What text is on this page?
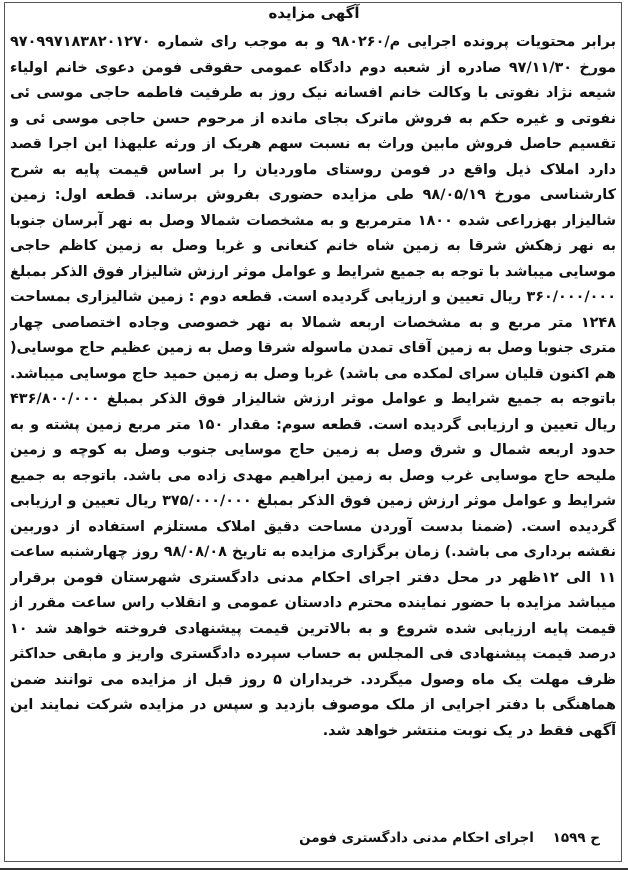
آگهی مزایده
برابر محتویات پرونده اجرایی م/۹۸۰۲۶۰ و به موجب رای شماره ۹۷۰۹۹۷۱۸۳۸۲۰۱۲۷۰ مورخ ۹۷/۱۱/۳۰ صادره از شعبه دوم دادگاه عمومی حقوقی فومن دعوی خانم اولیاء شیعه نژاد نفوتی با وکالت خانم افسانه نیک روز به طرفیت فاطمه حاجی موسی ئی نفوتی و غیره حکم به فروش ماترک بجای مانده از مرحوم حسن حاجی موسی ئی و تقسیم حاصل فروش مابین وراث به نسبت سهم هریک از ورثه علیهذا این اجرا قصد دارد املاک ذیل واقع در فومن روستای ماوردیان را بر اساس قیمت پایه به شرح کارشناسی مورخ ۹۸/۰۵/۱۹ طی مزایده حضوری بفروش برساند. قطعه اول: زمین شالیزار بهزراعی شده ۱۸۰۰ مترمربع و به مشخصات شمالا وصل به نهر آبرسان جنوبا به نهر زهکش شرقا به زمین شاه خانم کنعانی و غربا وصل به زمین کاظم حاجی موسایی میباشد با توجه به جمیع شرایط و عوامل موثر ارزش شالیزار فوق الذکر بمبلغ ۳۶۰/۰۰۰/۰۰۰ ریال تعیین و ارزیابی گردیده است. قطعه دوم : زمین شالیزاری بمساحت ۱۲۴۸ متر مربع و به مشخصات اربعه شمالا به نهر خصوصی وجاده اختصاصی چهار متری جنوبا وصل به زمین آقای تمدن ماسوله شرقا وصل به زمین عظیم حاج موسایی( هم اکنون قلیان سرای لمکده می باشد) غربا وصل به زمین حمید حاج موسایی میباشد. باتوجه به جمیع شرایط و عوامل موثر ارزش شالیزار فوق الذکر بمبلغ ۴۳۶/۸۰۰/۰۰۰ ریال تعیین و ارزیابی گردیده است. قطعه سوم: مقدار ۱۵۰ متر مربع زمین پشته و به حدود اربعه شمال و شرق وصل به زمین حاج موسایی جنوب وصل به کوچه و زمین ملیحه حاج موسایی غرب وصل به زمین ابراهیم مهدی زاده می باشد. باتوجه به جمیع شرایط و عوامل موثر ارزش زمین فوق الذکر بمبلغ ۳۷۵/۰۰۰/۰۰۰ ریال تعیین و ارزیابی گردیده است. (ضمنا بدست آوردن مساحت دقیق املاک مستلزم استفاده از دوربین نقشه برداری می باشد.) زمان برگزاری مزایده به تاریخ ۹۸/۰۸/۰۸ روز چهارشنبه ساعت ۱۱ الی ۱۲ظهر در محل دفتر اجرای احکام مدنی دادگستری شهرستان فومن برقرار میباشد مزایده با حضور نماینده محترم دادستان عمومی و انقلاب راس ساعت مقرر از قیمت پایه ارزیابی شده شروع و به بالاترین قیمت پیشنهادی فروخته خواهد شد ۱۰ درصد قیمت پیشنهادی فی المجلس به حساب سپرده دادگستری واریز و مابقی حداکثر ظرف مهلت یک ماه وصول میگردد. خریداران ۵ روز قبل از مزایده می توانند ضمن هماهنگی با دفتر اجرایی از ملک موصوف بازدید و سپس در مزایده شرکت نمایند این آگهی فقط در یک نوبت منتشر خواهد شد.
ح ۱۵۹۹ اجرای احکام مدنی دادگستری فومن
